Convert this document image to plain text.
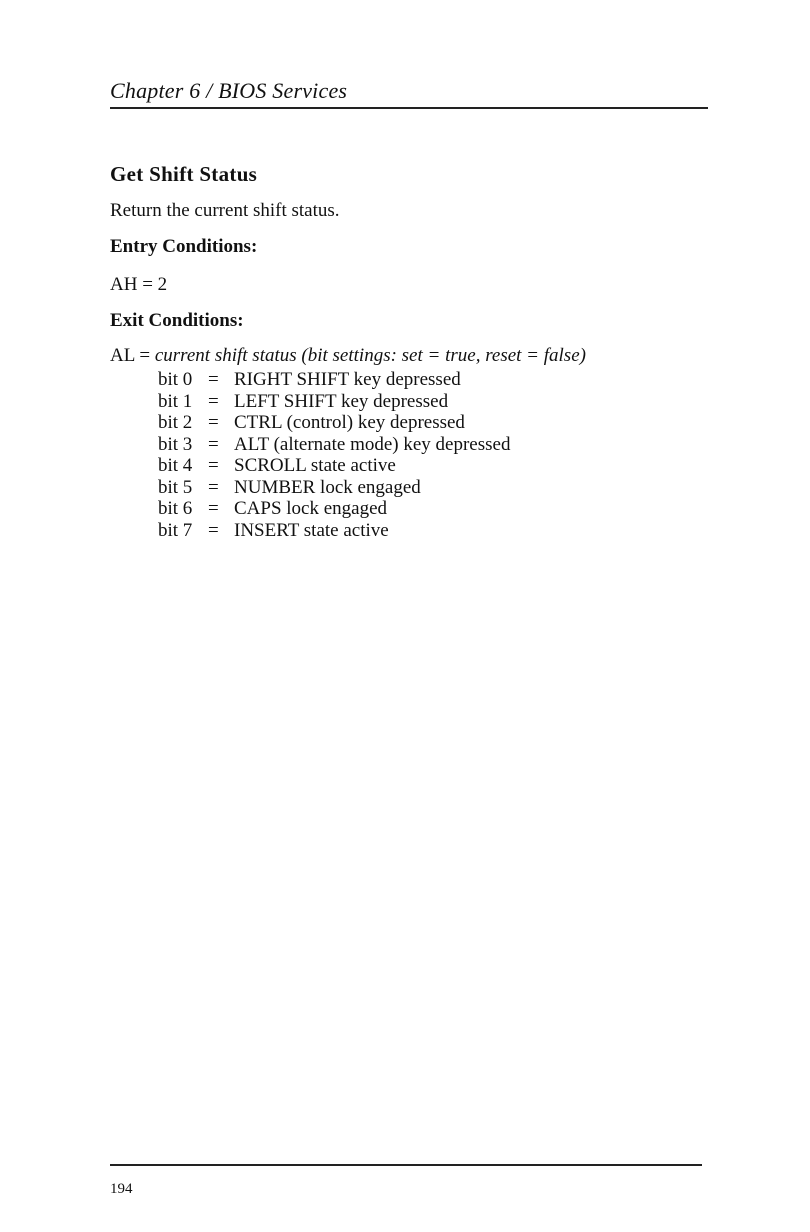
Chapter 6 / BIOS Services
Get Shift Status
Return the current shift status.
Entry Conditions:
AH = 2
Exit Conditions:
AL = current shift status (bit settings: set = true, reset = false)
bit 0 = RIGHT SHIFT key depressed
bit 1 = LEFT SHIFT key depressed
bit 2 = CTRL (control) key depressed
bit 3 = ALT (alternate mode) key depressed
bit 4 = SCROLL state active
bit 5 = NUMBER lock engaged
bit 6 = CAPS lock engaged
bit 7 = INSERT state active
194
